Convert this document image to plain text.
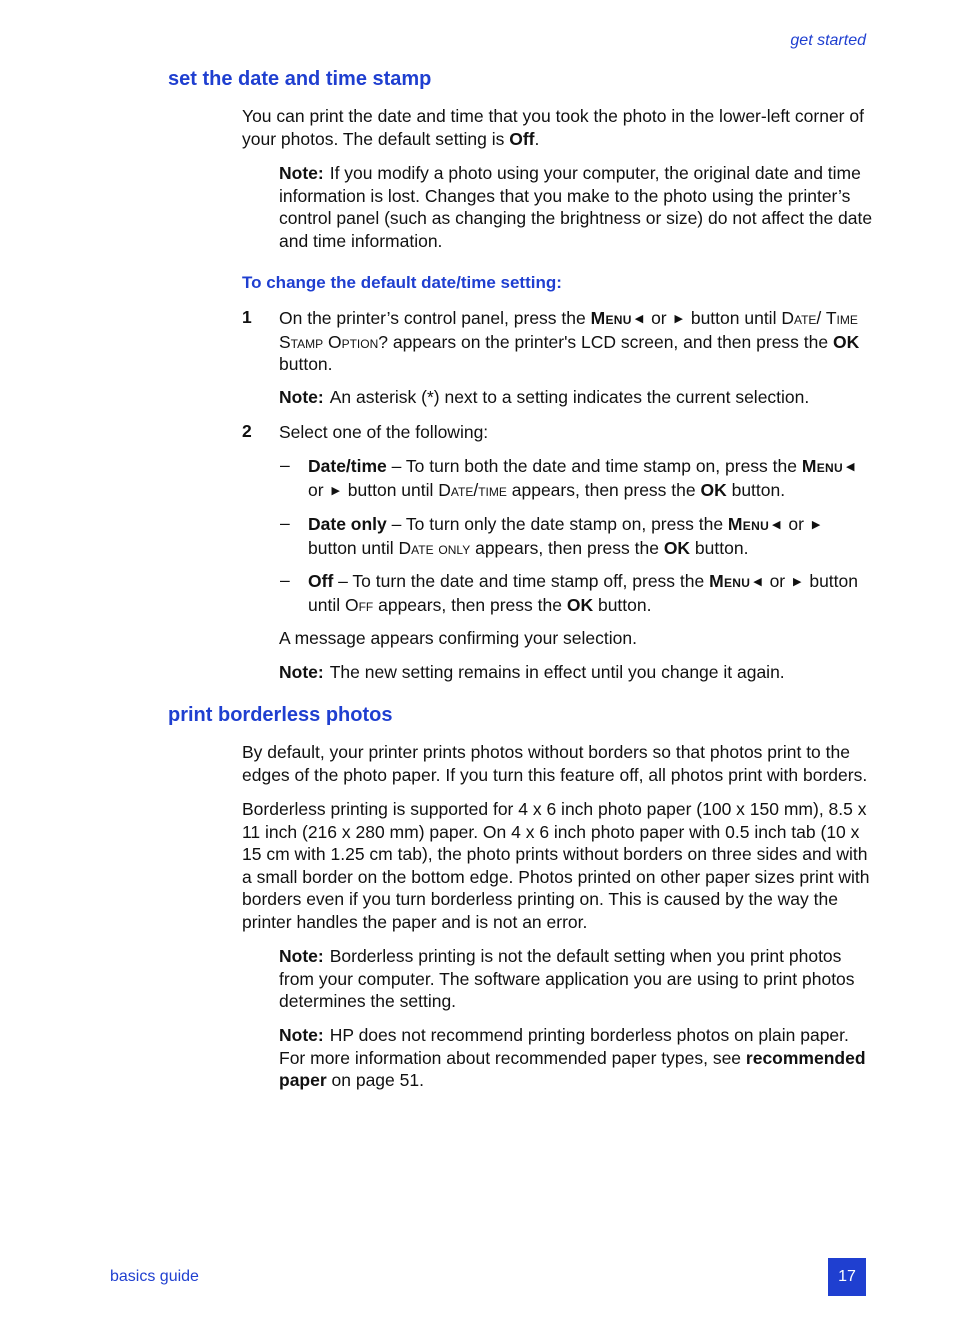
get started
set the date and time stamp

You can print the date and time that you took the photo in the lower-left corner of your photos. The default setting is Off.

Note: If you modify a photo using your computer, the original date and time information is lost. Changes that you make to the photo using the printer’s control panel (such as changing the brightness or size) do not affect the date and time information.

To change the default date/time setting:
1 On the printer’s control panel, press the Menu ◀ or ▶ button until Date/ Time Stamp Option? appears on the printer's LCD screen, and then press the OK button.

Note: An asterisk (*) next to a setting indicates the current selection.

2 Select one of the following:

– Date/time – To turn both the date and time stamp on, press the Menu ◀ or ▶ button until Date/time appears, then press the OK button.

– Date only – To turn only the date stamp on, press the Menu ◀ or ▶ button until Date only appears, then press the OK button.

– Off – To turn the date and time stamp off, press the Menu ◀ or ▶ button until Off appears, then press the OK button.

A message appears confirming your selection.

Note: The new setting remains in effect until you change it again.

print borderless photos

By default, your printer prints photos without borders so that photos print to the edges of the photo paper. If you turn this feature off, all photos print with borders.

Borderless printing is supported for 4 x 6 inch photo paper (100 x 150 mm), 8.5 x 11 inch (216 x 280 mm) paper. On 4 x 6 inch photo paper with 0.5 inch tab (10 x 15 cm with 1.25 cm tab), the photo prints without borders on three sides and with a small border on the bottom edge. Photos printed on other paper sizes print with borders even if you turn borderless printing on. This is caused by the way the printer handles the paper and is not an error.

Note: Borderless printing is not the default setting when you print photos from your computer. The software application you are using to print photos determines the setting.

Note: HP does not recommend printing borderless photos on plain paper. For more information about recommended paper types, see recommended paper on page 51.

basics guide	17
